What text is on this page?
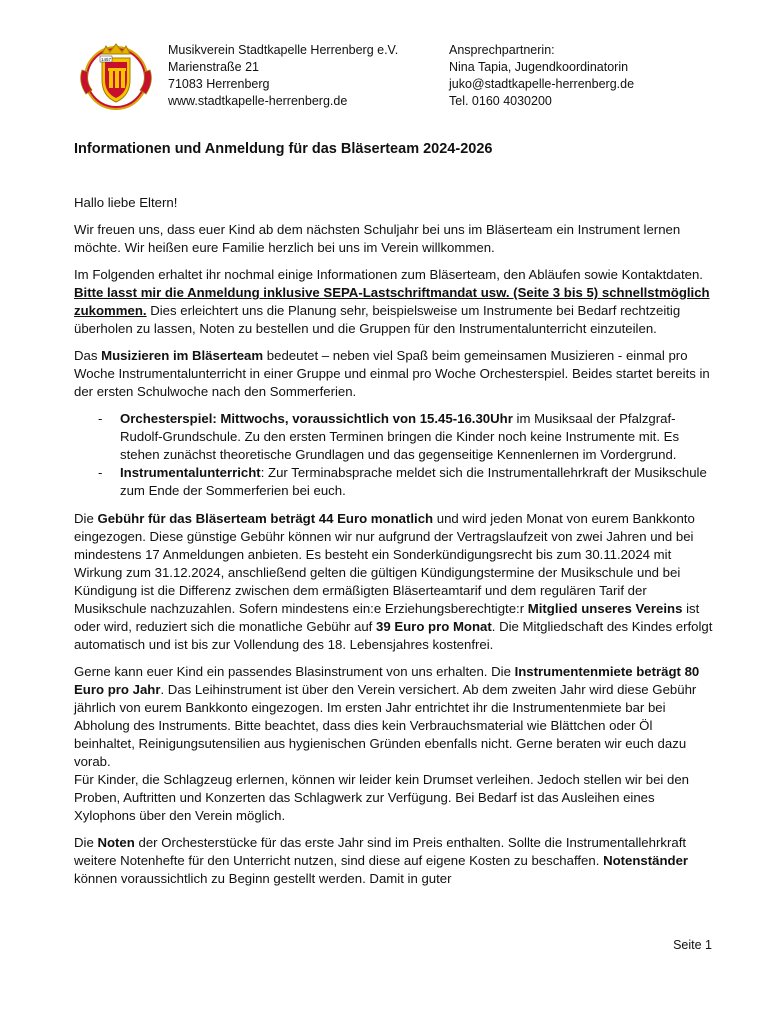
1457
Musikverein Stadtkapelle Herrenberg e.V.
Marienstraße 21
71083 Herrenberg
www.stadtkapelle-herrenberg.de
Ansprechpartnerin:
Nina Tapia, Jugendkoordinatorin
juko@stadtkapelle-herrenberg.de
Tel. 0160 4030200
Informationen und Anmeldung für das Bläserteam 2024-2026

Hallo liebe Eltern!

Wir freuen uns, dass euer Kind ab dem nächsten Schuljahr bei uns im Bläserteam ein Instrument lernen möchte. Wir heißen eure Familie herzlich bei uns im Verein willkommen.

Im Folgenden erhaltet ihr nochmal einige Informationen zum Bläserteam, den Abläufen sowie Kontaktdaten. Bitte lasst mir die Anmeldung inklusive SEPA-Lastschriftmandat usw. (Seite 3 bis 5) schnellstmöglich zukommen. Dies erleichtert uns die Planung sehr, beispielsweise um Instrumente bei Bedarf rechtzeitig überholen zu lassen, Noten zu bestellen und die Gruppen für den Instrumentalunterricht einzuteilen.

Das Musizieren im Bläserteam bedeutet – neben viel Spaß beim gemeinsamen Musizieren - einmal pro Woche Instrumentalunterricht in einer Gruppe und einmal pro Woche Orchesterspiel. Beides startet bereits in der ersten Schulwoche nach den Sommerferien.

- Orchesterspiel: Mittwochs, voraussichtlich von 15.45-16.30Uhr im Musiksaal der Pfalzgraf-Rudolf-Grundschule. Zu den ersten Terminen bringen die Kinder noch keine Instrumente mit. Es stehen zunächst theoretische Grundlagen und das gegenseitige Kennenlernen im Vordergrund.
- Instrumentalunterricht: Zur Terminabsprache meldet sich die Instrumentallehrkraft der Musikschule zum Ende der Sommerferien bei euch.

Die Gebühr für das Bläserteam beträgt 44 Euro monatlich und wird jeden Monat von eurem Bankkonto eingezogen. Diese günstige Gebühr können wir nur aufgrund der Vertragslaufzeit von zwei Jahren und bei mindestens 17 Anmeldungen anbieten. Es besteht ein Sonderkündigungsrecht bis zum 30.11.2024 mit Wirkung zum 31.12.2024, anschließend gelten die gültigen Kündigungstermine der Musikschule und bei Kündigung ist die Differenz zwischen dem ermäßigten Bläserteamtarif und dem regulären Tarif der Musikschule nachzuzahlen. Sofern mindestens ein:e Erziehungsberechtigte:r Mitglied unseres Vereins ist oder wird, reduziert sich die monatliche Gebühr auf 39 Euro pro Monat. Die Mitgliedschaft des Kindes erfolgt automatisch und ist bis zur Vollendung des 18. Lebensjahres kostenfrei.

Gerne kann euer Kind ein passendes Blasinstrument von uns erhalten. Die Instrumentenmiete beträgt 80 Euro pro Jahr. Das Leihinstrument ist über den Verein versichert. Ab dem zweiten Jahr wird diese Gebühr jährlich von eurem Bankkonto eingezogen. Im ersten Jahr entrichtet ihr die Instrumentenmiete bar bei Abholung des Instruments. Bitte beachtet, dass dies kein Verbrauchsmaterial wie Blättchen oder Öl beinhaltet, Reinigungsutensilien aus hygienischen Gründen ebenfalls nicht. Gerne beraten wir euch dazu vorab.

Für Kinder, die Schlagzeug erlernen, können wir leider kein Drumset verleihen. Jedoch stellen wir bei den Proben, Auftritten und Konzerten das Schlagwerk zur Verfügung. Bei Bedarf ist das Ausleihen eines Xylophons über den Verein möglich.

Die Noten der Orchesterstücke für das erste Jahr sind im Preis enthalten. Sollte die Instrumentallehrkraft weitere Notenhefte für den Unterricht nutzen, sind diese auf eigene Kosten zu beschaffen. Notenständer können voraussichtlich zu Beginn gestellt werden. Damit in guter

Seite 1
